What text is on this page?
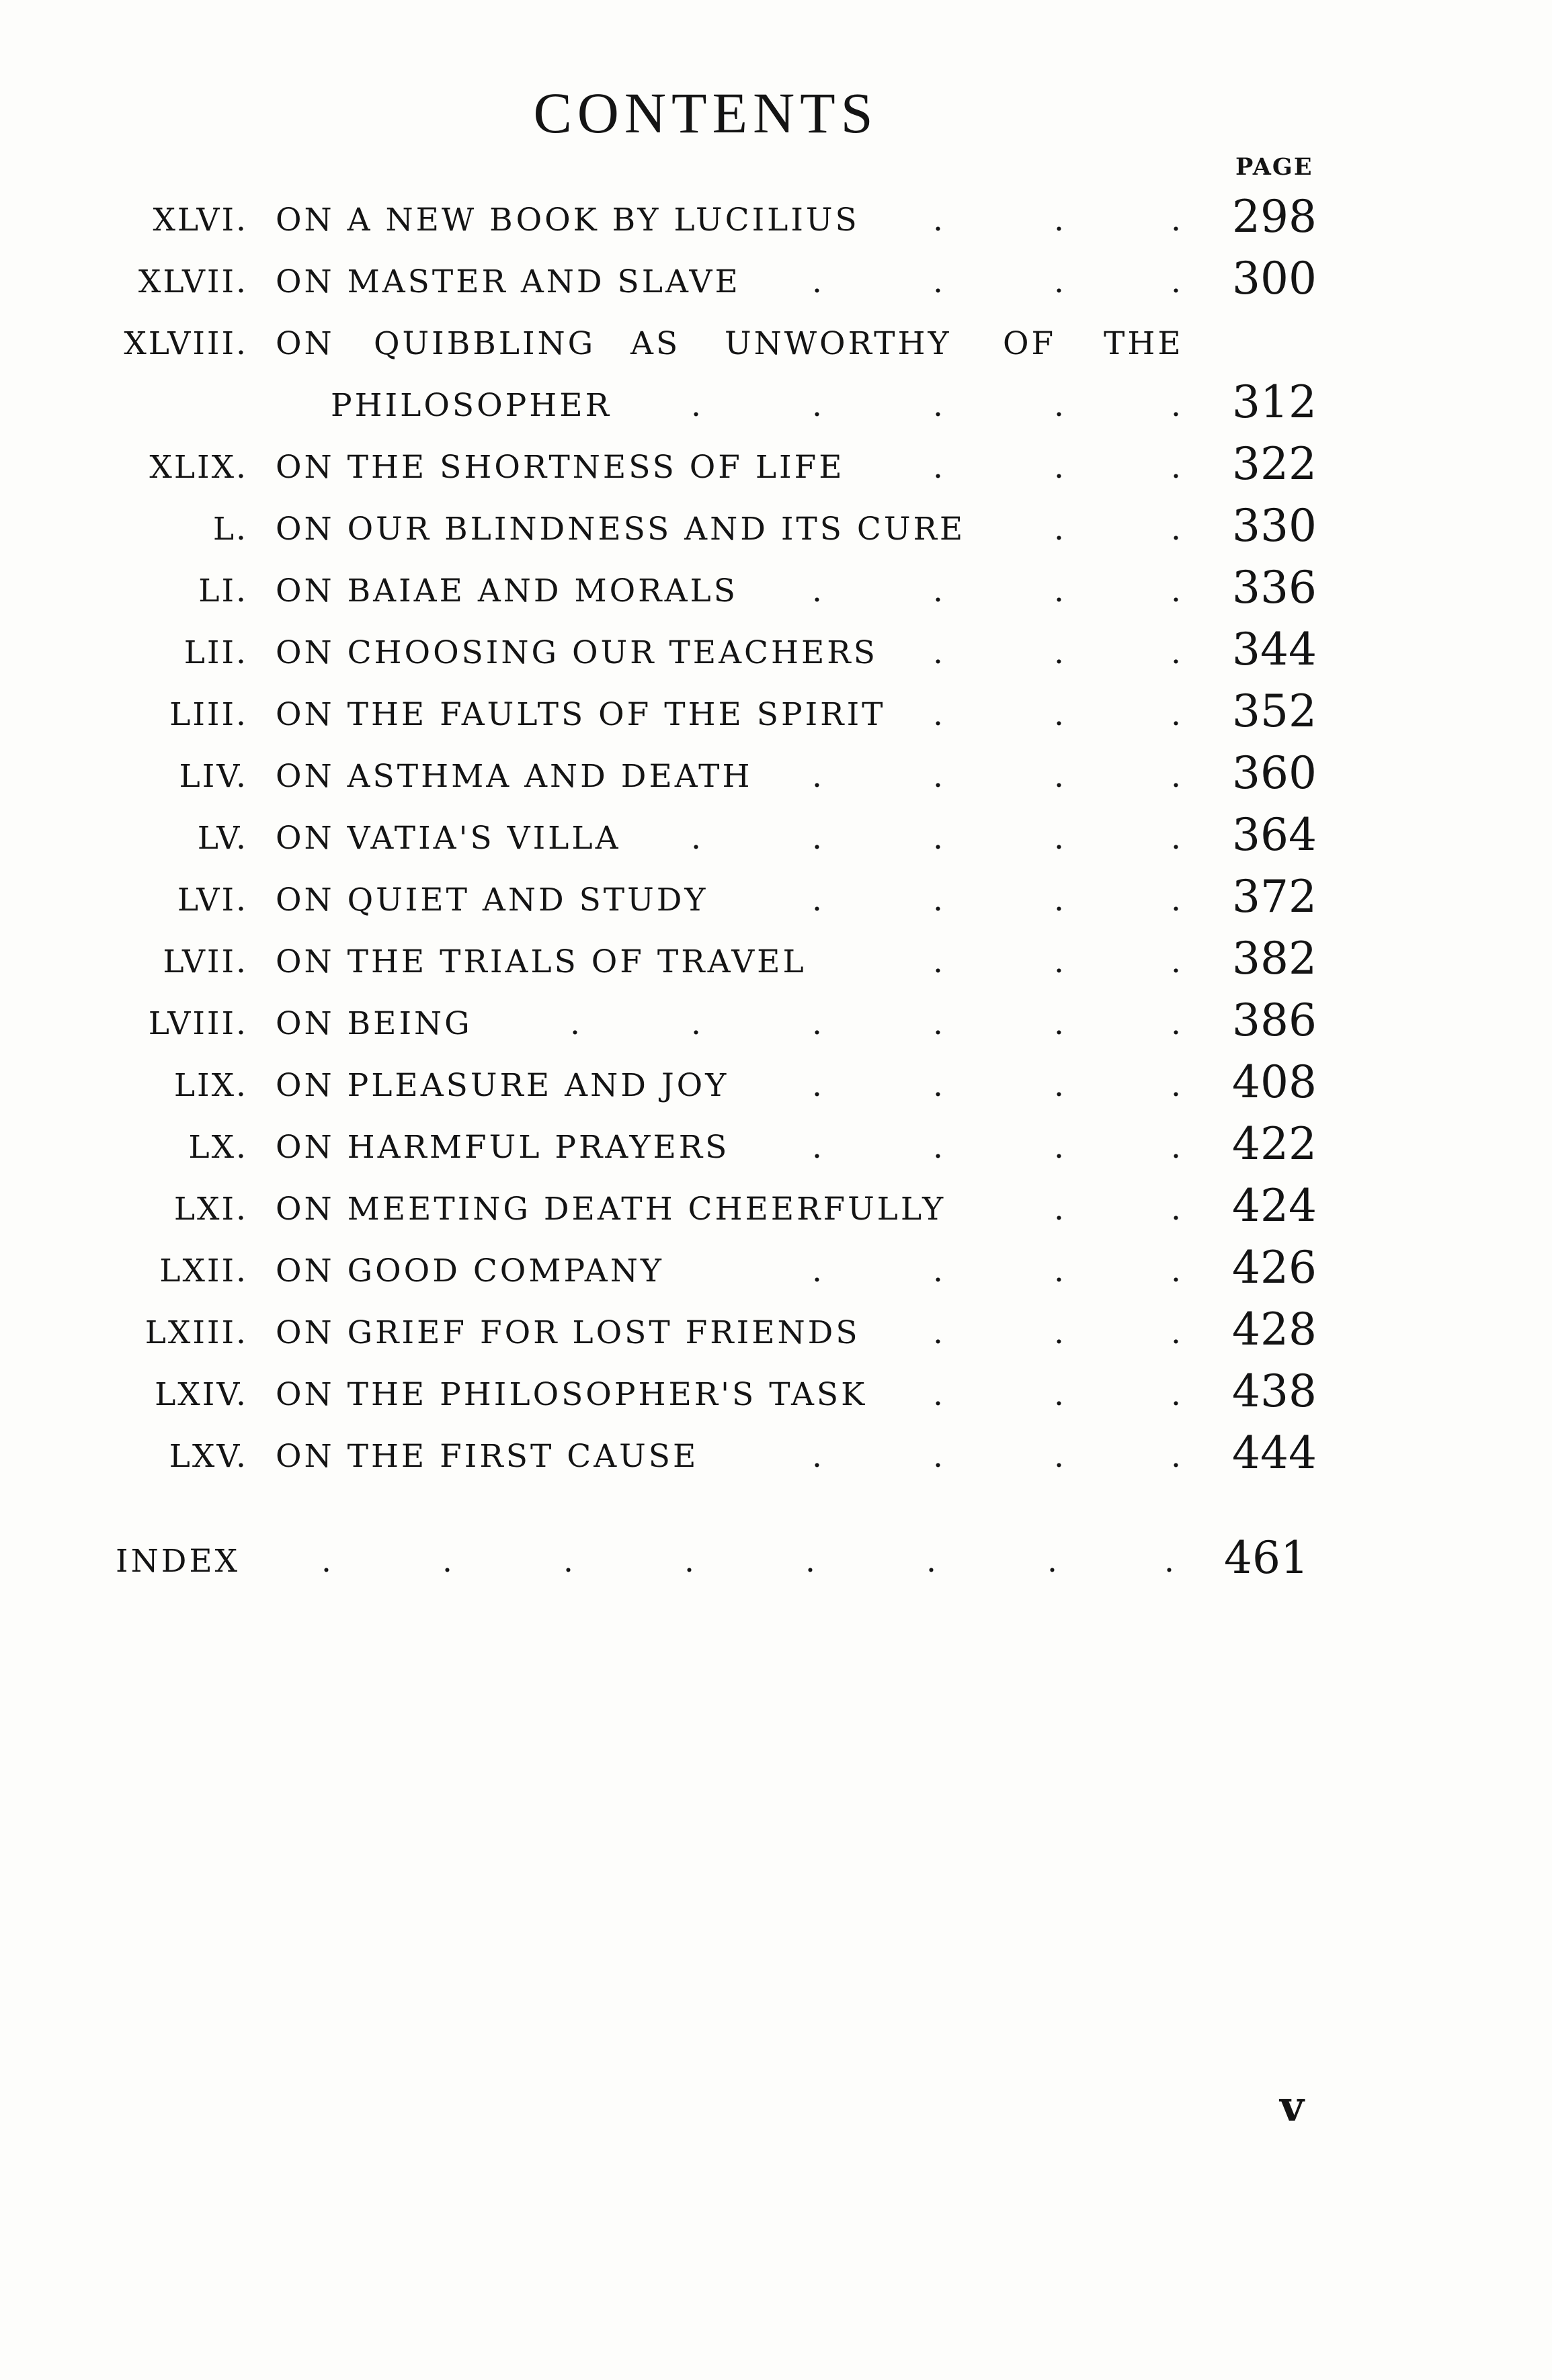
CONTENTS
PAGE
XLVI. ON A NEW BOOK BY LUCILIUS .	.	. 298
XLVII. ON MASTER AND SLAVE .	.	.	. 300
XLVIII. ON QUIBBLING AS UNWORTHY OF THE
PHILOSOPHER	.	.	.	.	. 312
XLIX. ON THE SHORTNESS OF LIFE	.	.	. 322
L. ON OUR BLINDNESS AND ITS CURE	.	. 330
LI. ON BAIAE AND MORALS .	.	.	. 336
LII. ON CHOOSING OUR TEACHERS .	.	. 344
LIII. ON THE FAULTS OF THE SPIRIT .	.	. 352
LIV. ON ASTHMA AND DEATH .	.	.	. 360
LV. ON VATIA'S VILLA .	.	.	.	. 364
LVI. ON QUIET AND STUDY	.	.	.	. 372
LVII. ON THE TRIALS OF TRAVEL	.	.	. 382
LVIII. ON BEING	.	.	.	.	.	. 386
LIX. ON PLEASURE AND JOY	.	.	.	. 408
LX. ON HARMFUL PRAYERS	.	.	.	. 422
LXI. ON MEETING DEATH CHEERFULLY	.	. 424
LXII. ON GOOD COMPANY	.	.	.	. 426
LXIII. ON GRIEF FOR LOST FRIENDS .	.	. 428
LXIV. ON THE PHILOSOPHER'S TASK .	.	. 438
LXV. ON THE FIRST CAUSE	.	.	.	. 444
INDEX	.	.	.	.	.	.	.	. 461
v
